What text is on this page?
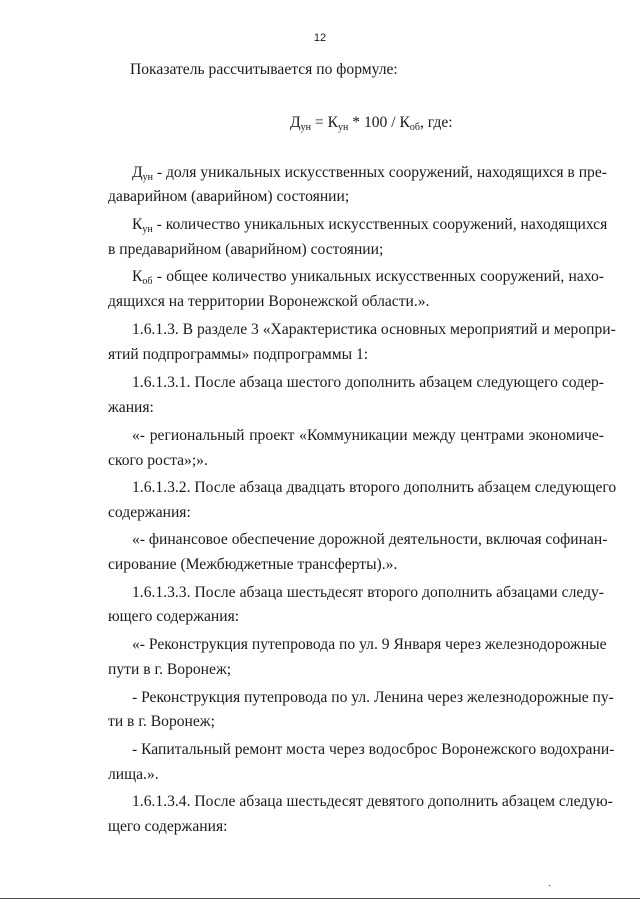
12
Показатель рассчитывается по формуле:
$Д_{ун} = К_{ун} * 100 / К_{об}$, где:
$Д_{ун}$ - доля уникальных искусственных сооружений, находящихся в пре-
даварийном (аварийном) состоянии;
$К_{ун}$ - количество уникальных искусственных сооружений, находящихся
в предаварийном (аварийном) состоянии;
$К_{об}$ - общее количество уникальных искусственных сооружений, нахо-
дящихся на территории Воронежской области.».
1.6.1.3. В разделе 3 «Характеристика основных мероприятий и меропри-
ятий подпрограммы» подпрограммы 1:
1.6.1.3.1. После абзаца шестого дополнить абзацем следующего содер-
жания:
«- региональный проект «Коммуникации между центрами экономиче-
ского роста»;».
1.6.1.3.2. После абзаца двадцать второго дополнить абзацем следующего
содержания:
«- финансовое обеспечение дорожной деятельности, включая софинан-
сирование (Межбюджетные трансферты).».
1.6.1.3.3. После абзаца шестьдесят второго дополнить абзацами следу-
ющего содержания:
«- Реконструкция путепровода по ул. 9 Января через железнодорожные
пути в г. Воронеж;
- Реконструкция путепровода по ул. Ленина через железнодорожные пу-
ти в г. Воронеж;
- Капитальный ремонт моста через водосброс Воронежского водохрани-
лища.».
1.6.1.3.4. После абзаца шестьдесят девятого дополнить абзацем следую-
щего содержания:
ˏ
